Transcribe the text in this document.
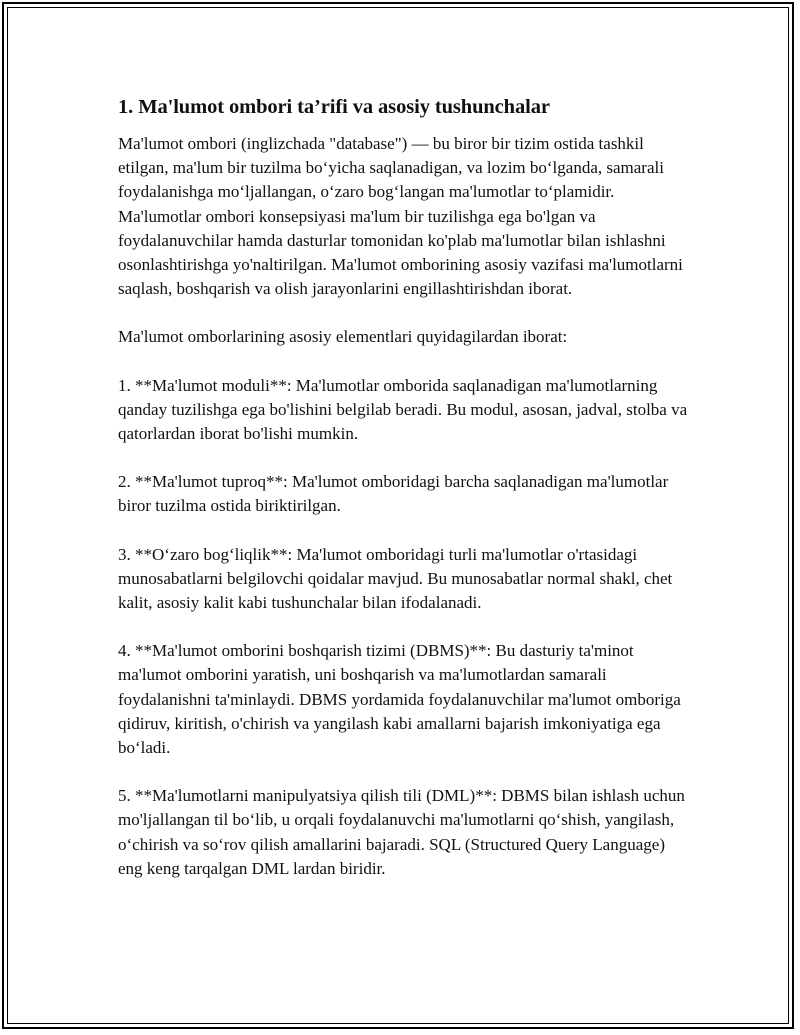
1. Ma'lumot ombori ta’rifi va asosiy tushunchalar

Ma'lumot ombori (inglizchada "database") — bu biror bir tizim ostida tashkil etilgan, ma'lum bir tuzilma bo‘yicha saqlanadigan, va lozim bo‘lganda, samarali foydalanishga mo‘ljallangan, o‘zaro bog‘langan ma'lumotlar to‘plamidir. Ma'lumotlar ombori konsepsiyasi ma'lum bir tuzilishga ega bo'lgan va foydalanuvchilar hamda dasturlar tomonidan ko'plab ma'lumotlar bilan ishlashni osonlashtirishga yo'naltirilgan. Ma'lumot omborining asosiy vazifasi ma'lumotlarni saqlash, boshqarish va olish jarayonlarini engillashtirishdan iborat.

Ma'lumot omborlarining asosiy elementlari quyidagilardan iborat:

1. **Ma'lumot moduli**: Ma'lumotlar omborida saqlanadigan ma'lumotlarning qanday tuzilishga ega bo'lishini belgilab beradi. Bu modul, asosan, jadval, stolba va qatorlardan iborat bo'lishi mumkin.

2. **Ma'lumot tuproq**: Ma'lumot omboridagi barcha saqlanadigan ma'lumotlar biror tuzilma ostida biriktirilgan.

3. **O‘zaro bog‘liqlik**: Ma'lumot omboridagi turli ma'lumotlar o'rtasidagi munosabatlarni belgilovchi qoidalar mavjud. Bu munosabatlar normal shakl, chet kalit, asosiy kalit kabi tushunchalar bilan ifodalanadi.

4. **Ma'lumot omborini boshqarish tizimi (DBMS)**: Bu dasturiy ta'minot ma'lumot omborini yaratish, uni boshqarish va ma'lumotlardan samarali foydalanishni ta'minlaydi. DBMS yordamida foydalanuvchilar ma'lumot omboriga qidiruv, kiritish, o'chirish va yangilash kabi amallarni bajarish imkoniyatiga ega bo‘ladi.

5. **Ma'lumotlarni manipulyatsiya qilish tili (DML)**: DBMS bilan ishlash uchun mo'ljallangan til bo‘lib, u orqali foydalanuvchi ma'lumotlarni qo‘shish, yangilash, o‘chirish va so‘rov qilish amallarini bajaradi. SQL (Structured Query Language) eng keng tarqalgan DML lardan biridir.
